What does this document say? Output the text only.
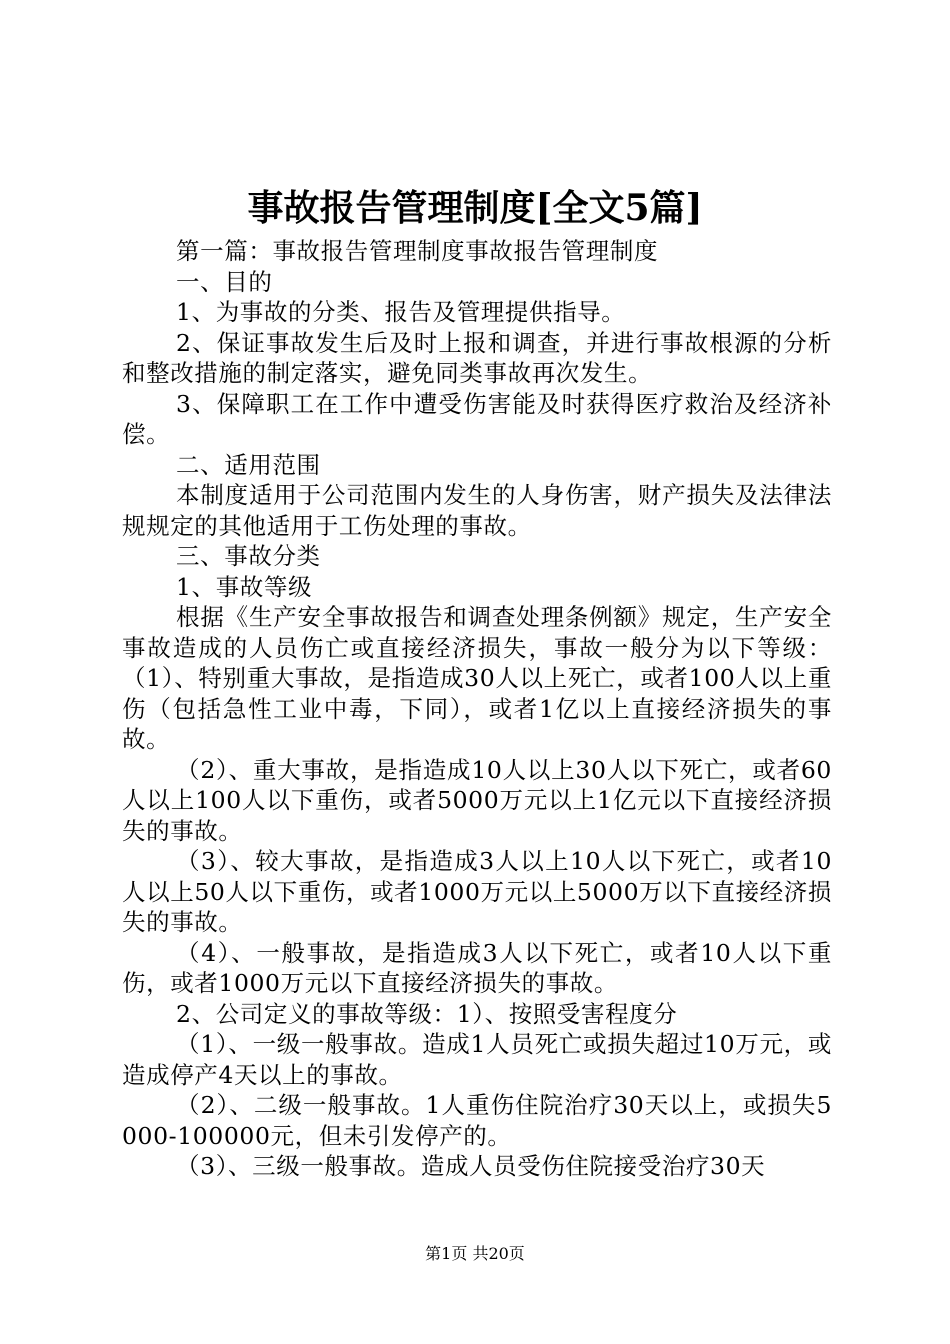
事故报告管理制度[全文5篇]

第一篇：事故报告管理制度事故报告管理制度

一、目的

1、为事故的分类、报告及管理提供指导。

2、保证事故发生后及时上报和调查，并进行事故根源的分析和整改措施的制定落实，避免同类事故再次发生。

3、保障职工在工作中遭受伤害能及时获得医疗救治及经济补偿。

二、适用范围

本制度适用于公司范围内发生的人身伤害，财产损失及法律法规规定的其他适用于工伤处理的事故。

三、事故分类

1、事故等级

根据《生产安全事故报告和调查处理条例额》规定，生产安全事故造成的人员伤亡或直接经济损失，事故一般分为以下等级：（1）、特别重大事故，是指造成30人以上死亡，或者100人以上重伤（包括急性工业中毒，下同），或者1亿以上直接经济损失的事故。

（2）、重大事故，是指造成10人以上30人以下死亡，或者60人以上100人以下重伤，或者5000万元以上1亿元以下直接经济损失的事故。

（3）、较大事故，是指造成3人以上10人以下死亡，或者10人以上50人以下重伤，或者1000万元以上5000万以下直接经济损失的事故。

（4）、一般事故，是指造成3人以下死亡，或者10人以下重伤，或者1000万元以下直接经济损失的事故。

2、公司定义的事故等级：1）、按照受害程度分

（1）、一级一般事故。造成1人员死亡或损失超过10万元，或造成停产4天以上的事故。

（2）、二级一般事故。1人重伤住院治疗30天以上，或损失5000-100000元，但未引发停产的。

（3）、三级一般事故。造成人员受伤住院接受治疗30天

第1页 共20页
